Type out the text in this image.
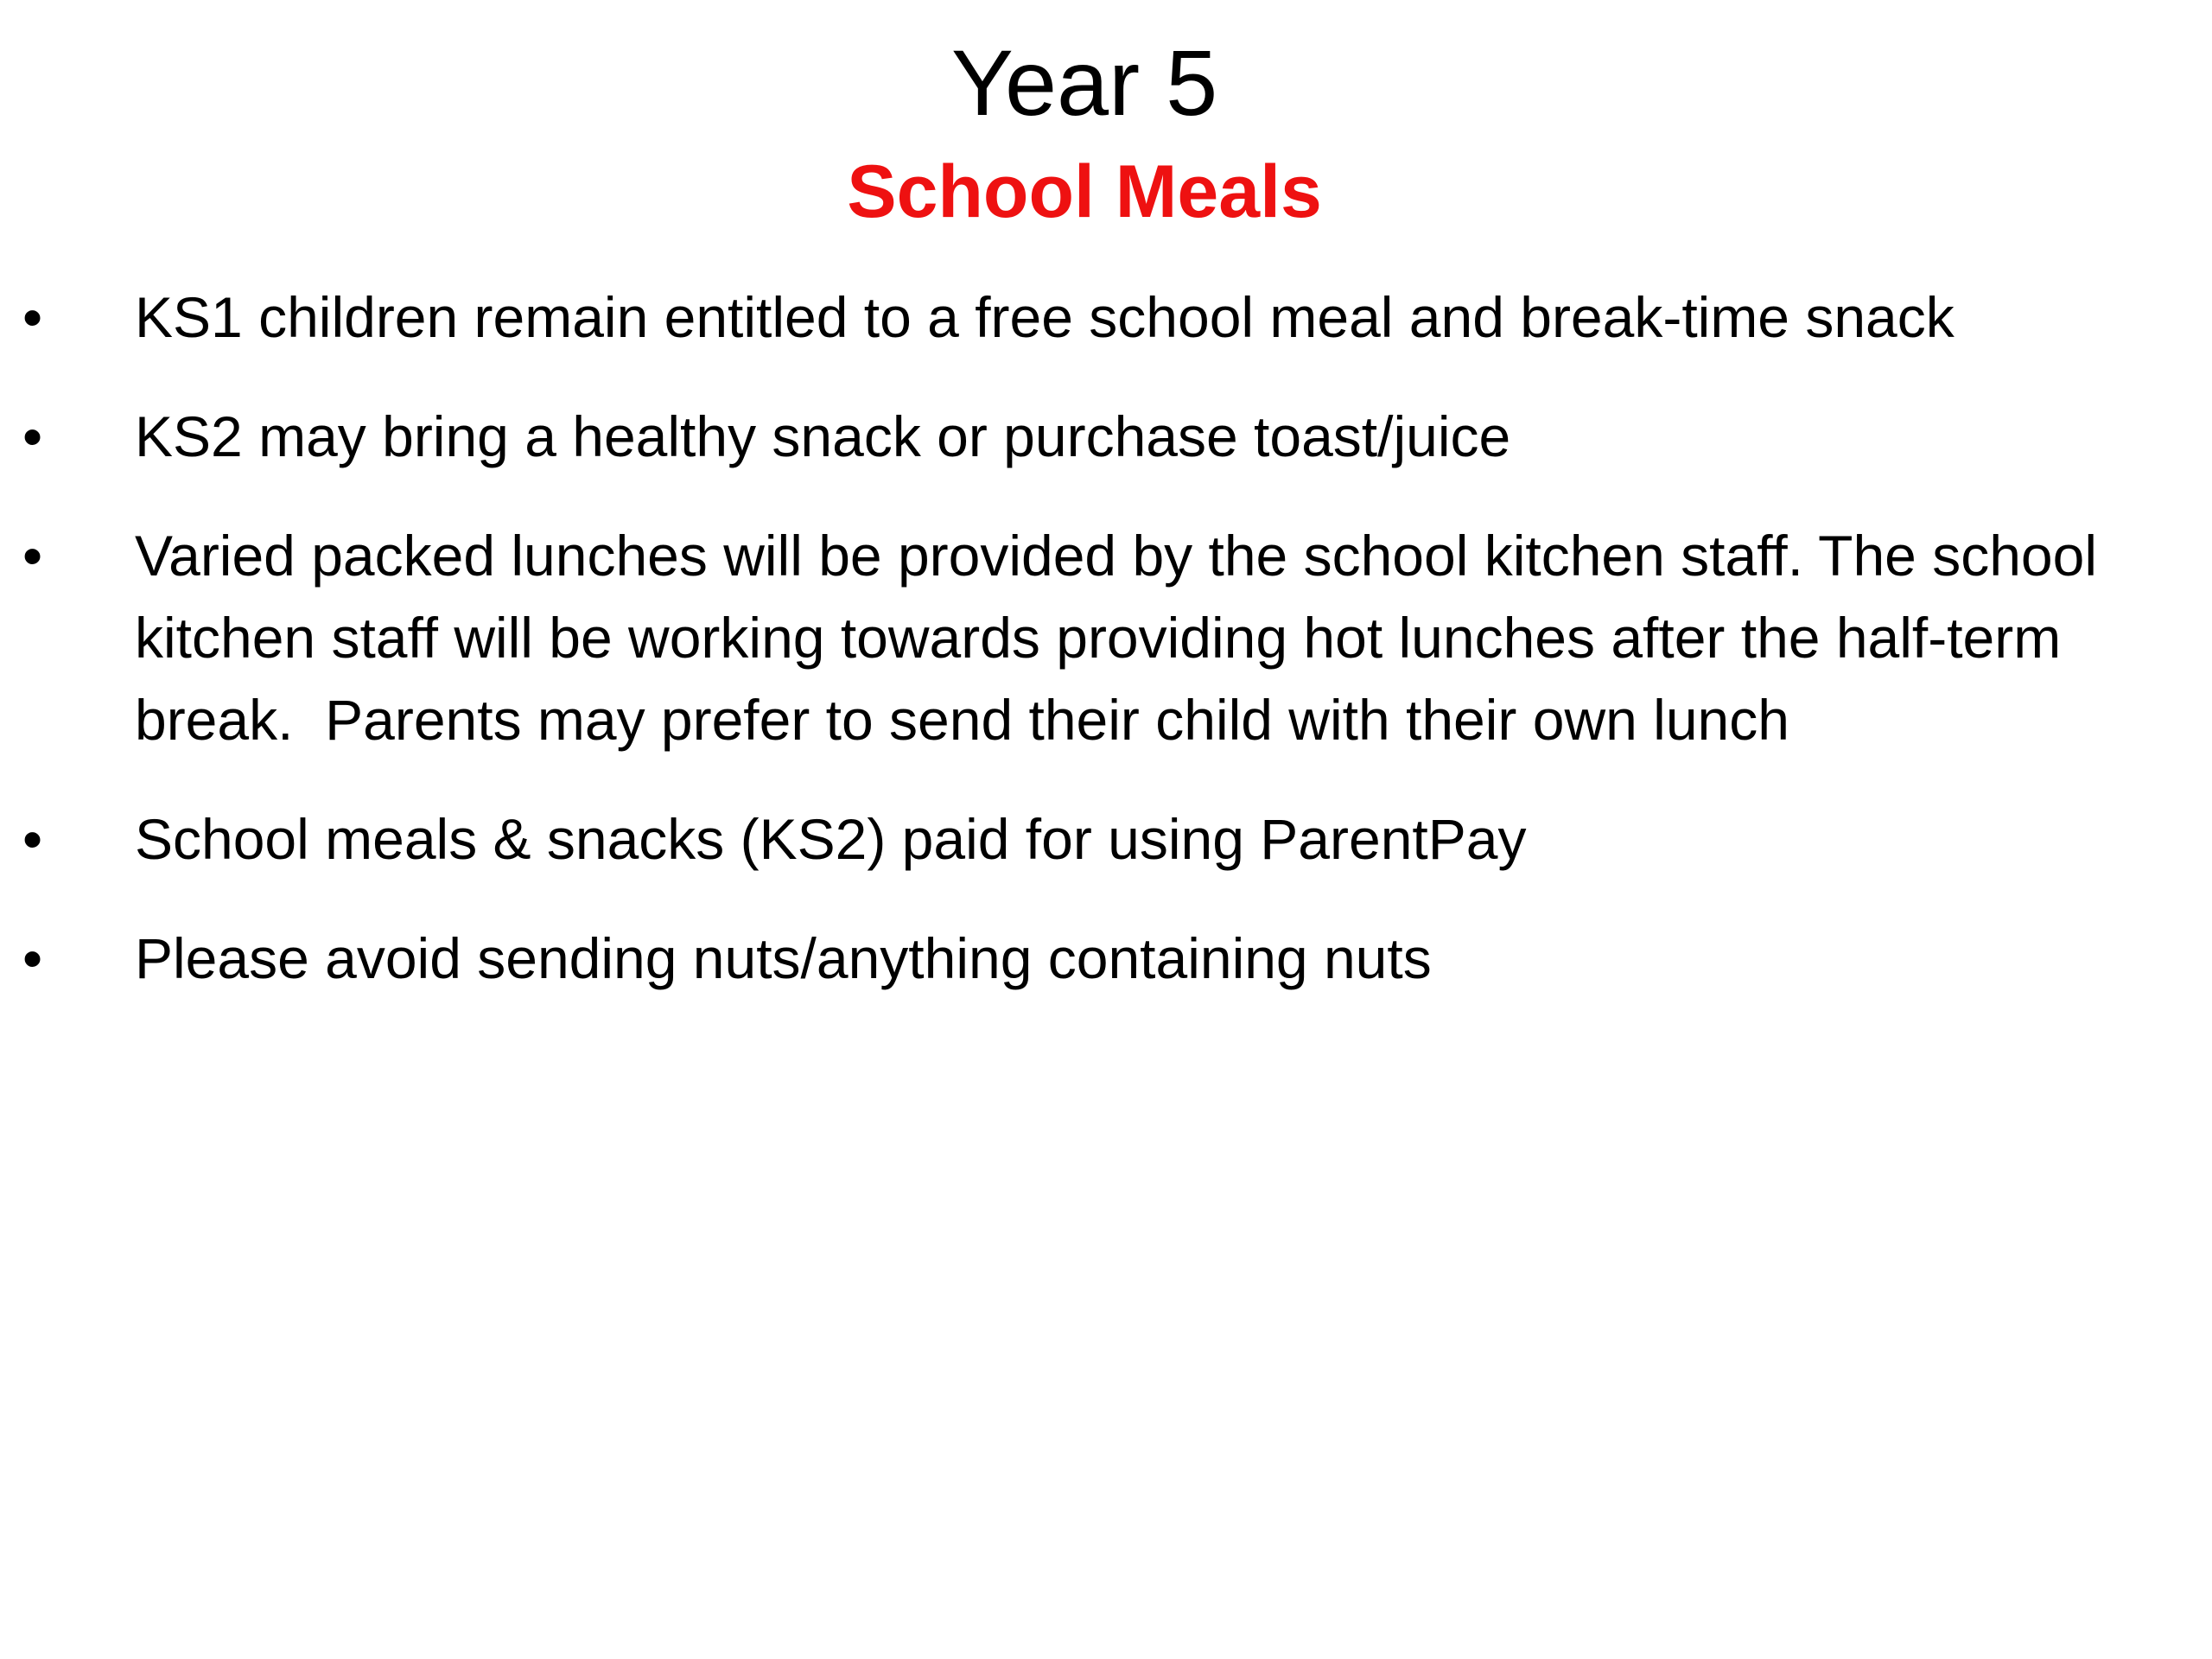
Year 5
School Meals
• KS1 children remain entitled to a free school meal and break-time snack
• KS2 may bring a healthy snack or purchase toast/juice
• Varied packed lunches will be provided by the school kitchen staff. The school kitchen staff will be working towards providing hot lunches after the half-term break.  Parents may prefer to send their child with their own lunch
• School meals & snacks (KS2) paid for using ParentPay
• Please avoid sending nuts/anything containing nuts
